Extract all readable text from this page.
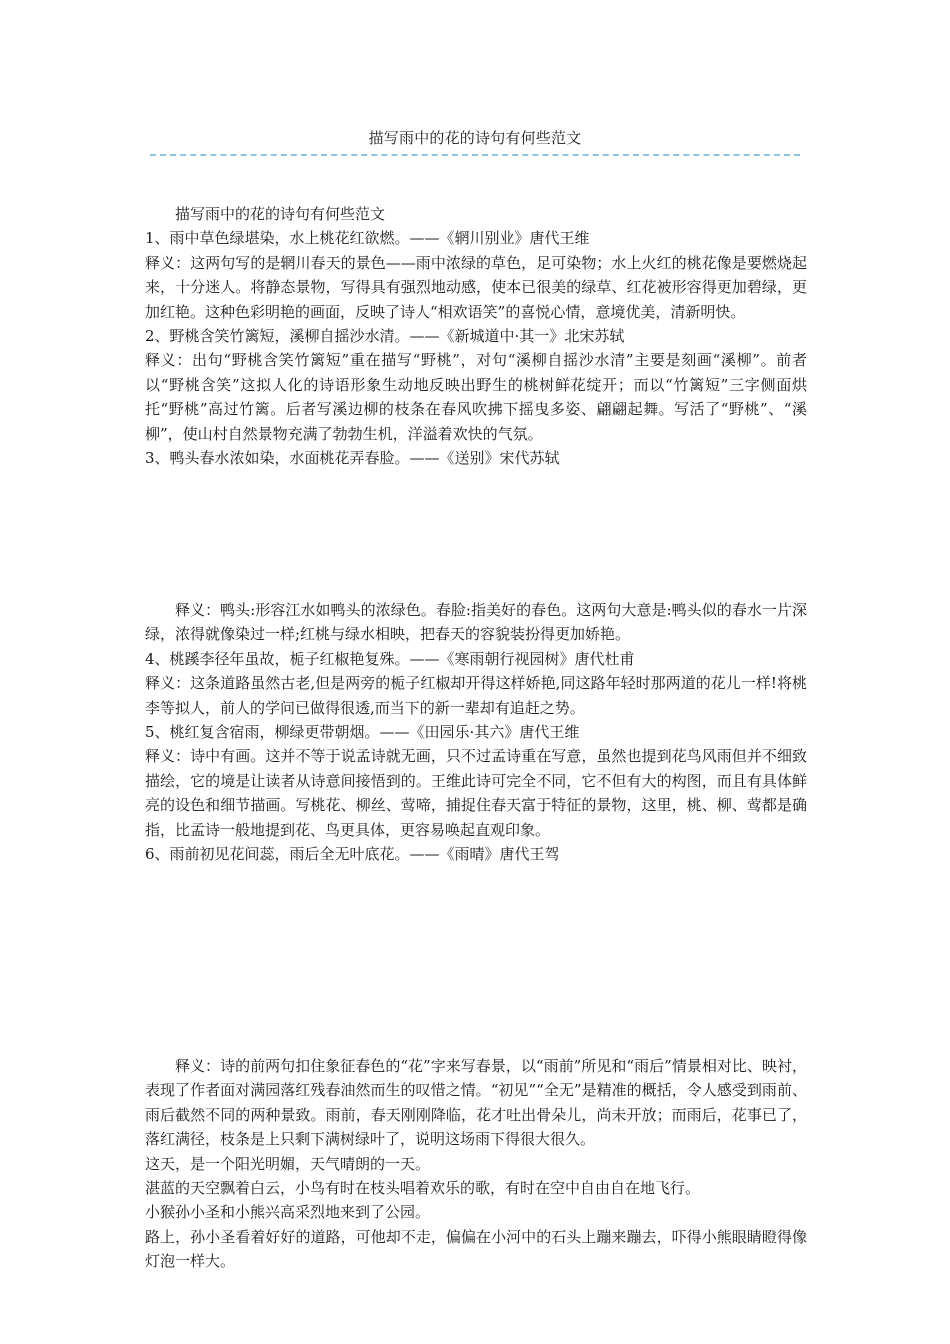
描写雨中的花的诗句有何些范文

描写雨中的花的诗句有何些范文

1、雨中草色绿堪染，水上桃花红欲燃。——《辋川别业》唐代王维

释义：这两句写的是辋川春天的景色——雨中浓绿的草色，足可染物；水上火红的桃花像是要燃烧起来，十分迷人。将静态景物，写得具有强烈地动感，使本已很美的绿草、红花被形容得更加碧绿，更加红艳。这种色彩明艳的画面，反映了诗人“相欢语笑”的喜悦心情，意境优美，清新明快。

2、野桃含笑竹篱短，溪柳自摇沙水清。——《新城道中·其一》北宋苏轼

释义：出句“野桃含笑竹篱短”重在描写“野桃”，对句“溪柳自摇沙水清”主要是刻画“溪柳”。前者以“野桃含笑”这拟人化的诗语形象生动地反映出野生的桃树鲜花绽开；而以“竹篱短”三字侧面烘托“野桃”高过竹篱。后者写溪边柳的枝条在春风吹拂下摇曳多姿、翩翩起舞。写活了“野桃”、“溪柳”，使山村自然景物充满了勃勃生机，洋溢着欢快的气氛。

3、鸭头春水浓如染，水面桃花弄春脸。——《送别》宋代苏轼

释义：鸭头:形容江水如鸭头的浓绿色。春脸:指美好的春色。这两句大意是:鸭头似的春水一片深绿，浓得就像染过一样;红桃与绿水相映，把春天的容貌装扮得更加娇艳。

4、桃蹊李径年虽故，栀子红椒艳复殊。——《寒雨朝行视园树》唐代杜甫

释义：这条道路虽然古老,但是两旁的栀子红椒却开得这样娇艳,同这路年轻时那两道的花儿一样!将桃李等拟人，前人的学问已做得很透,而当下的新一辈却有追赶之势。

5、桃红复含宿雨，柳绿更带朝烟。——《田园乐·其六》唐代王维

释义：诗中有画。这并不等于说孟诗就无画，只不过孟诗重在写意，虽然也提到花鸟风雨但并不细致描绘，它的境是让读者从诗意间接悟到的。王维此诗可完全不同，它不但有大的构图，而且有具体鲜亮的设色和细节描画。写桃花、柳丝、莺啼，捕捉住春天富于特征的景物，这里，桃、柳、莺都是确指，比孟诗一般地提到花、鸟更具体，更容易唤起直观印象。

6、雨前初见花间蕊，雨后全无叶底花。——《雨晴》唐代王驾

释义：诗的前两句扣住象征春色的“花”字来写春景，以“雨前”所见和“雨后”情景相对比、映衬，表现了作者面对满园落红残春油然而生的叹惜之情。“初见”“全无”是精准的概括，令人感受到雨前、雨后截然不同的两种景致。雨前，春天刚刚降临，花才吐出骨朵儿，尚未开放；而雨后，花事已了，落红满径，枝条是上只剩下满树绿叶了，说明这场雨下得很大很久。

这天，是一个阳光明媚，天气晴朗的一天。

湛蓝的天空飘着白云，小鸟有时在枝头唱着欢乐的歌，有时在空中自由自在地飞行。

小猴孙小圣和小熊兴高采烈地来到了公园。

路上，孙小圣看着好好的道路，可他却不走，偏偏在小河中的石头上蹦来蹦去，吓得小熊眼睛瞪得像灯泡一样大。
